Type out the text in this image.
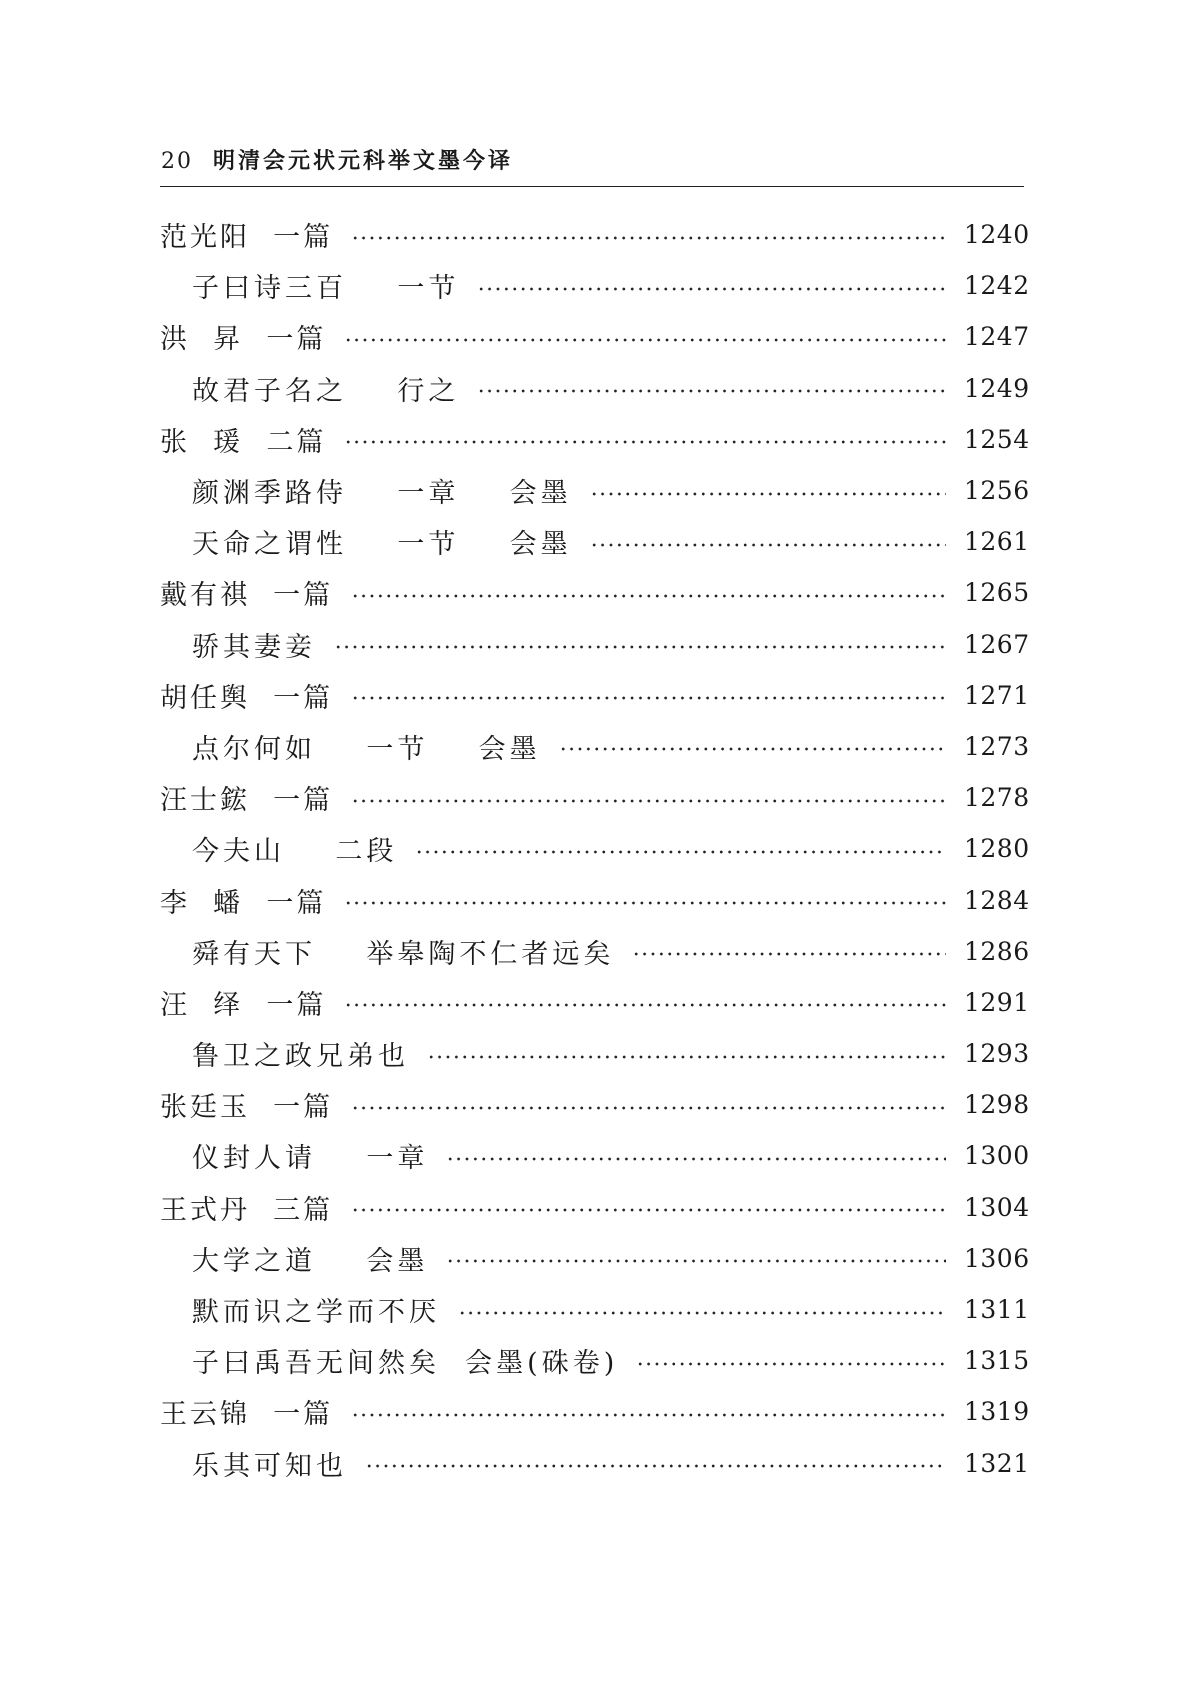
20 明清会元状元科举文墨今译
范光阳  一篇	1240
子曰诗三百    一节	1242
洪  昇  一篇	1247
故君子名之    行之	1249
张  瑗  二篇	1254
颜渊季路侍    一章    会墨	1256
天命之谓性    一节    会墨	1261
戴有祺  一篇	1265
骄其妻妾	1267
胡任舆  一篇	1271
点尔何如    一节    会墨	1273
汪士鋐  一篇	1278
今夫山    二段	1280
李  蟠  一篇	1284
舜有天下    举皋陶不仁者远矣	1286
汪  绎  一篇	1291
鲁卫之政兄弟也	1293
张廷玉  一篇	1298
仪封人请    一章	1300
王式丹  三篇	1304
大学之道    会墨	1306
默而识之学而不厌	1311
子曰禹吾无间然矣  会墨(硃卷)	1315
王云锦  一篇	1319
乐其可知也	1321
